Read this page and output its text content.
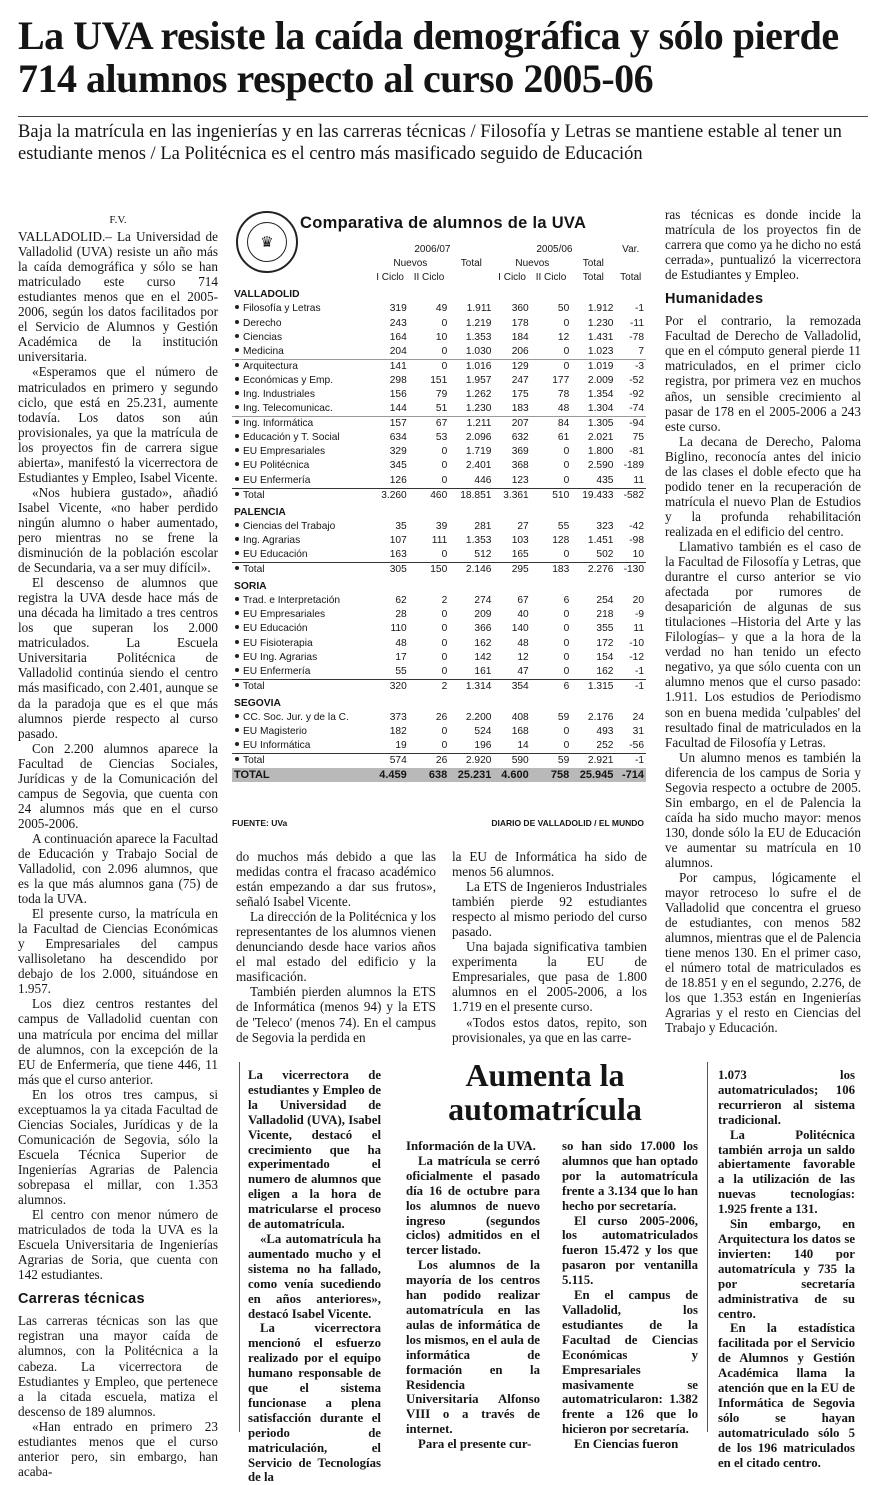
La UVA resiste la caída demográfica y sólo pierde 714 alumnos respecto al curso 2005-06

Baja la matrícula en las ingenierías y en las carreras técnicas / Filosofía y Letras se mantiene estable al tener un estudiante menos / La Politécnica es el centro más masificado seguido de Educación

F.V.

VALLADOLID.– La Universidad de Valladolid (UVA) resiste un año más la caída demográfica y sólo se han matriculado este curso 714 estudiantes menos que en el 2005-2006, según los datos facilitados por el Servicio de Alumnos y Gestión Académica de la institución universitaria.

«Esperamos que el número de matriculados en primero y segundo ciclo, que está en 25.231, aumente todavía. Los datos son aún provisionales, ya que la matrícula de los proyectos fin de carrera sigue abierta», manifestó la vicerrectora de Estudiantes y Empleo, Isabel Vicente.

«Nos hubiera gustado», añadió Isabel Vicente, «no haber perdido ningún alumno o haber aumentado, pero mientras no se frene la disminución de la población escolar de Secundaria, va a ser muy difícil».

El descenso de alumnos que registra la UVA desde hace más de una década ha limitado a tres centros los que superan los 2.000 matriculados. La Escuela Universitaria Politécnica de Valladolid continúa siendo el centro más masificado, con 2.401, aunque se da la paradoja que es el que más alumnos pierde respecto al curso pasado.

Con 2.200 alumnos aparece la Facultad de Ciencias Sociales, Jurídicas y de la Comunicación del campus de Segovia, que cuenta con 24 alumnos más que en el curso 2005-2006.

A continuación aparece la Facultad de Educación y Trabajo Social de Valladolid, con 2.096 alumnos, que es la que más alumnos gana (75) de toda la UVA.

El presente curso, la matrícula en la Facultad de Ciencias Económicas y Empresariales del campus vallisoletano ha descendido por debajo de los 2.000, situándose en 1.957.

Los diez centros restantes del campus de Valladolid cuentan con una matrícula por encima del millar de alumnos, con la excepción de la EU de Enfermería, que tiene 446, 11 más que el curso anterior.

En los otros tres campus, si exceptuamos la ya citada Facultad de Ciencias Sociales, Jurídicas y de la Comunicación de Segovia, sólo la Escuela Técnica Superior de Ingenierías Agrarias de Palencia sobrepasa el millar, con 1.353 alumnos.

El centro con menor número de matriculados de toda la UVA es la Escuela Universitaria de Ingenierías Agrarias de Soria, que cuenta con 142 estudiantes.

Carreras técnicas

Las carreras técnicas son las que registran una mayor caída de alumnos, con la Politécnica a la cabeza. La vicerrectora de Estudiantes y Empleo, que pertenece a la citada escuela, matiza el descenso de 189 alumnos.

«Han entrado en primero 23 estudiantes menos que el curso anterior pero, sin embargo, han acaba-

♛
Comparativa de alumnos de la UVA
	2006/07			2005/06			Var.
	Nuevos		Total	Nuevos		Total	
	I Ciclo	II Ciclo		I Ciclo	II Ciclo	Total	Total
VALLADOLID							
Filosofía y Letras	319	49	1.911	360	50	1.912	-1
Derecho	243	0	1.219	178	0	1.230	-11
Ciencias	164	10	1.353	184	12	1.431	-78
Medicina	204	0	1.030	206	0	1.023	7
Arquitectura	141	0	1.016	129	0	1.019	-3
Económicas y Emp.	298	151	1.957	247	177	2.009	-52
Ing. Industriales	156	79	1.262	175	78	1.354	-92
Ing. Telecomunicac.	144	51	1.230	183	48	1.304	-74
Ing. Informática	157	67	1.211	207	84	1.305	-94
Educación y T. Social	634	53	2.096	632	61	2.021	75
EU Empresariales	329	0	1.719	369	0	1.800	-81
EU Politécnica	345	0	2.401	368	0	2.590	-189
EU Enfermería	126	0	446	123	0	435	11
Total	3.260	460	18.851	3.361	510	19.433	-582
PALENCIA							
Ciencias del Trabajo	35	39	281	27	55	323	-42
Ing. Agrarias	107	111	1.353	103	128	1.451	-98
EU Educación	163	0	512	165	0	502	10
Total	305	150	2.146	295	183	2.276	-130
SORIA							
Trad. e Interpretación	62	2	274	67	6	254	20
EU Empresariales	28	0	209	40	0	218	-9
EU Educación	110	0	366	140	0	355	11
EU Fisioterapia	48	0	162	48	0	172	-10
EU Ing. Agrarias	17	0	142	12	0	154	-12
EU Enfermería	55	0	161	47	0	162	-1
Total	320	2	1.314	354	6	1.315	-1
SEGOVIA							
CC. Soc. Jur. y de la C.	373	26	2.200	408	59	2.176	24
EU Magisterio	182	0	524	168	0	493	31
EU Informática	19	0	196	14	0	252	-56
Total	574	26	2.920	590	59	2.921	-1
TOTAL	4.459	638	25.231	4.600	758	25.945	-714
FUENTE: UVa	DIARIO DE VALLADOLID / EL MUNDO

do muchos más debido a que las medidas contra el fracaso académico están empezando a dar sus frutos», señaló Isabel Vicente.

La dirección de la Politécnica y los representantes de los alumnos vienen denunciando desde hace varios años el mal estado del edificio y la masificación.

También pierden alumnos la ETS de Informática (menos 94) y la ETS de 'Teleco' (menos 74). En el campus de Segovia la perdida en

la EU de Informática ha sido de menos 56 alumnos.

La ETS de Ingenieros Industriales también pierde 92 estudiantes respecto al mismo periodo del curso pasado.

Una bajada significativa tambien experimenta la EU de Empresariales, que pasa de 1.800 alumnos en el 2005-2006, a los 1.719 en el presente curso.

«Todos estos datos, repito, son provisionales, ya que en las carre-

ras técnicas es donde incide la matrícula de los proyectos fin de carrera que como ya he dicho no está cerrada», puntualizó la vicerrectora de Estudiantes y Empleo.

Humanidades

Por el contrario, la remozada Facultad de Derecho de Valladolid, que en el cómputo general pierde 11 matriculados, en el primer ciclo registra, por primera vez en muchos años, un sensible crecimiento al pasar de 178 en el 2005-2006 a 243 este curso.

La decana de Derecho, Paloma Biglino, reconocía antes del inicio de las clases el doble efecto que ha podido tener en la recuperación de matrícula el nuevo Plan de Estudios y la profunda rehabilitación realizada en el edificio del centro.

Llamativo también es el caso de la Facultad de Filosofía y Letras, que durantre el curso anterior se vio afectada por rumores de desaparición de algunas de sus titulaciones –Historia del Arte y las Filologías– y que a la hora de la verdad no han tenido un efecto negativo, ya que sólo cuenta con un alumno menos que el curso pasado: 1.911. Los estudios de Periodismo son en buena medida 'culpables' del resultado final de matriculados en la Facultad de Filosofía y Letras.

Un alumno menos es también la diferencia de los campus de Soria y Segovia respecto a octubre de 2005. Sin embargo, en el de Palencia la caída ha sido mucho mayor: menos 130, donde sólo la EU de Educación ve aumentar su matrícula en 10 alumnos.

Por campus, lógicamente el mayor retroceso lo sufre el de Valladolid que concentra el grueso de estudiantes, con menos 582 alumnos, mientras que el de Palencia tiene menos 130. En el primer caso, el número total de matriculados es de 18.851 y en el segundo, 2.276, de los que 1.353 están en Ingenierías Agrarias y el resto en Ciencias del Trabajo y Educación.

Aumenta la automatrícula

La vicerrectora de estudiantes y Empleo de la Universidad de Valladolid (UVA), Isabel Vicente, destacó el crecimiento que ha experimentado el numero de alumnos que eligen a la hora de matricularse el proceso de automatrícula.

«La automatrícula ha aumentado mucho y el sistema no ha fallado, como venía sucediendo en años anteriores», destacó Isabel Vicente.

La vicerrectora mencionó el esfuerzo realizado por el equipo humano responsable de que el sistema funcionase a plena satisfacción durante el periodo de matriculación, el Servicio de Tecnologías de la

Información de la UVA.

La matrícula se cerró oficialmente el pasado día 16 de octubre para los alumnos de nuevo ingreso (segundos ciclos) admitidos en el tercer listado.

Los alumnos de la mayoría de los centros han podido realizar automatrícula en las aulas de informática de los mismos, en el aula de informática de formación en la Residencia Universitaria Alfonso VIII o a través de internet.

Para el presente cur-

so han sido 17.000 los alumnos que han optado por la automatrícula frente a 3.134 que lo han hecho por secretaría.

El curso 2005-2006, los automatriculados fueron 15.472 y los que pasaron por ventanilla 5.115.

En el campus de Valladolid, los estudiantes de la Facultad de Ciencias Económicas y Empresariales masivamente se automatricularon: 1.382 frente a 126 que lo hicieron por secretaría.

En Ciencias fueron

1.073 los automatriculados; 106 recurrieron al sistema tradicional.

La Politécnica también arroja un saldo abiertamente favorable a la utilización de las nuevas tecnologías: 1.925 frente a 131.

Sin embargo, en Arquitectura los datos se invierten: 140 por automatrícula y 735 la por secretaría administrativa de su centro.

En la estadística facilitada por el Servicio de Alumnos y Gestión Académica llama la atención que en la EU de Informática de Segovia sólo se hayan automatriculado sólo 5 de los 196 matriculados en el citado centro.
